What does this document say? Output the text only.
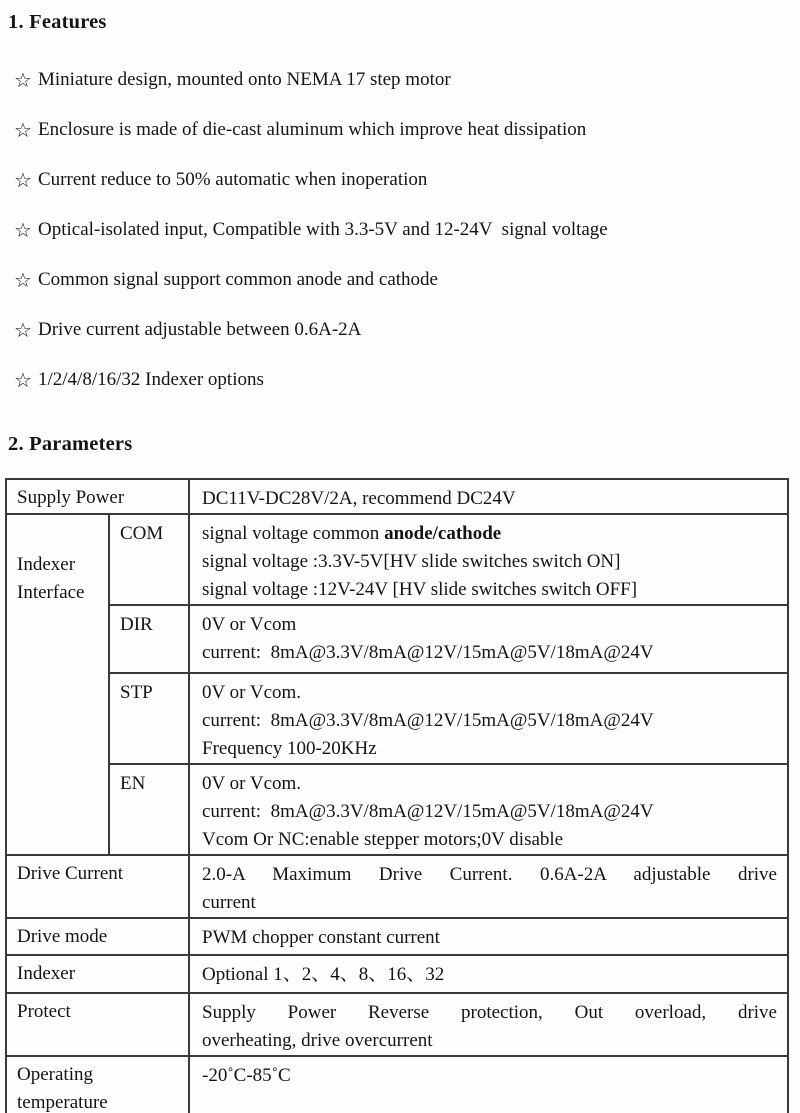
1. Features
☆ Miniature design, mounted onto NEMA 17 step motor
☆ Enclosure is made of die-cast aluminum which improve heat dissipation
☆ Current reduce to 50% automatic when inoperation
☆ Optical-isolated input, Compatible with 3.3-5V and 12-24V  signal voltage
☆ Common signal support common anode and cathode
☆ Drive current adjustable between 0.6A-2A
☆ 1/2/4/8/16/32 Indexer options
2. Parameters
Supply Power		DC11V-DC28V/2A, recommend DC24V
Indexer Interface	COM	signal voltage common anode/cathode
signal voltage :3.3V-5V[HV slide switches switch ON]
signal voltage :12V-24V [HV slide switches switch OFF]

	DIR	0V or Vcom
current:  8mA@3.3V/8mA@12V/15mA@5V/18mA@24V

	STP	0V or Vcom.
current:  8mA@3.3V/8mA@12V/15mA@5V/18mA@24V
Frequency 100-20KHz

	EN	0V or Vcom.
current:  8mA@3.3V/8mA@12V/15mA@5V/18mA@24V
Vcom Or NC:enable stepper motors;0V disable

Drive Current		2.0-A Maximum Drive Current. 0.6A-2A adjustable drive
current

Drive mode		PWM chopper constant current
Indexer		Optional 1、2、4、8、16、32
Protect		Supply Power Reverse protection, Out overload, drive
overheating, drive overcurrent

Operating temperature		-20˚C-85˚C
